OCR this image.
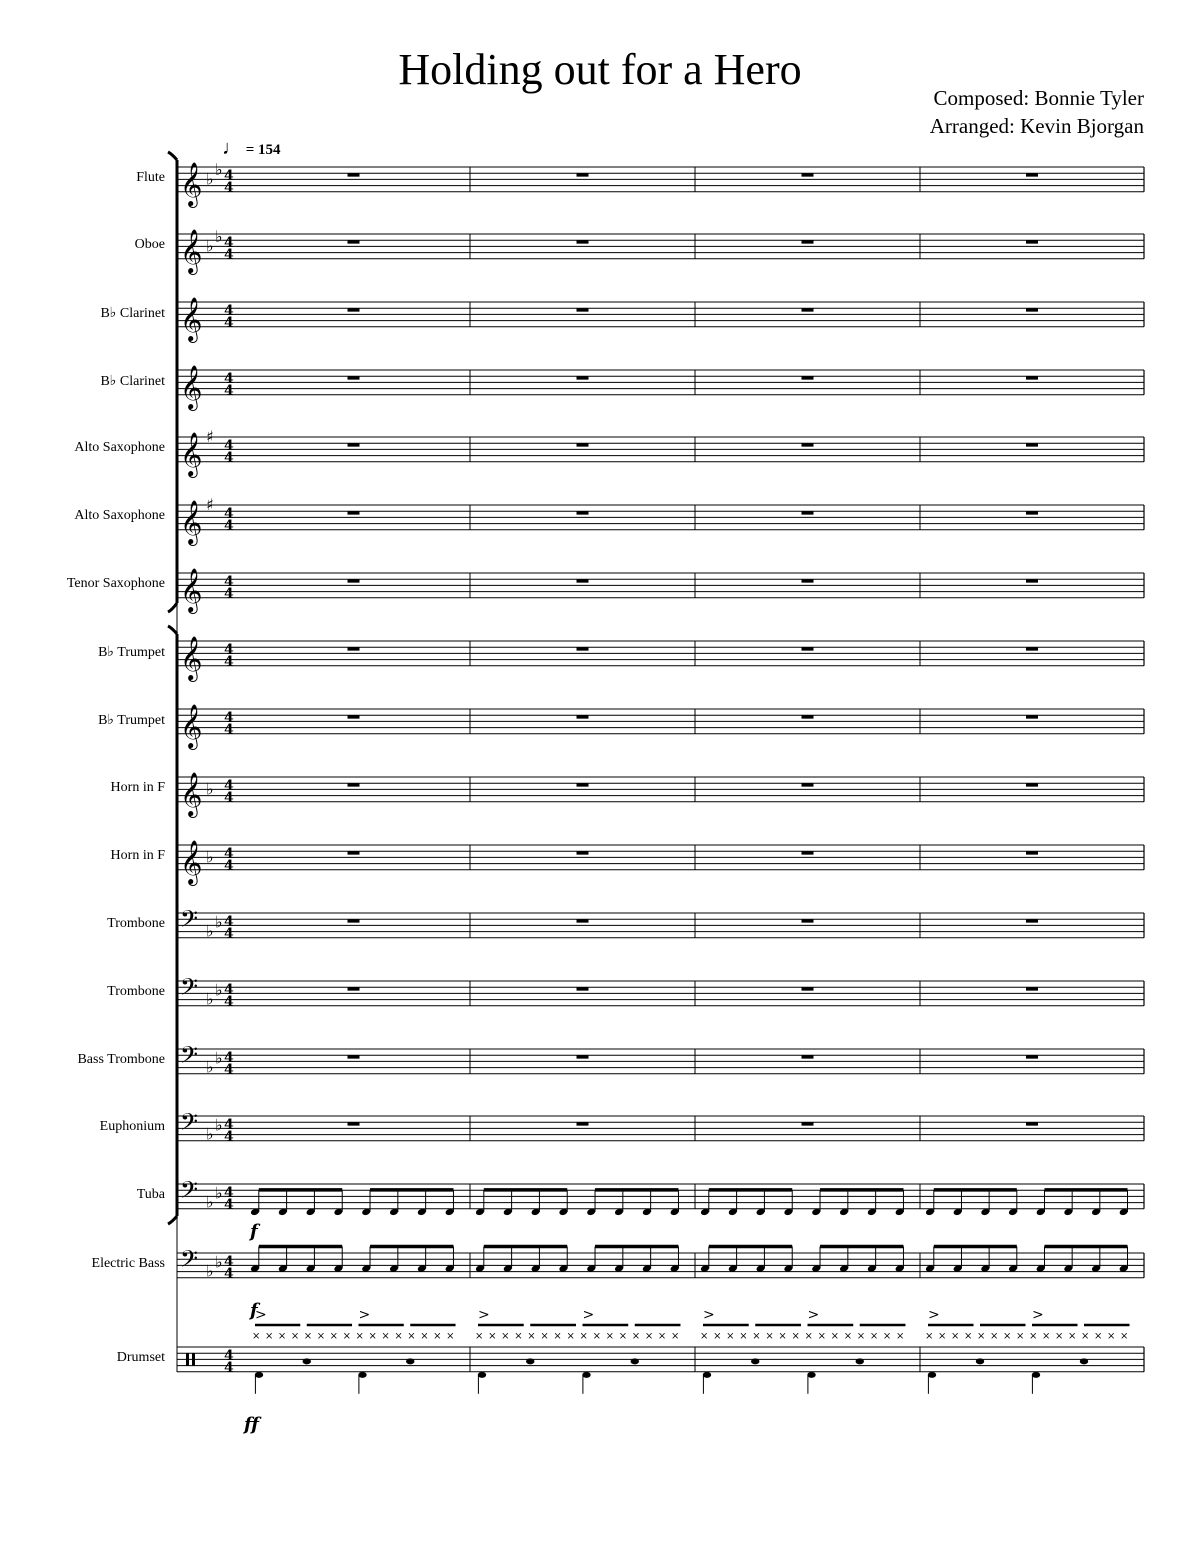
Holding out for a Hero
Composed: Bonnie Tyler
Arranged: Kevin Bjorgan
♩ = 154
Flute
Oboe
B♭ Clarinet
B♭ Clarinet
Alto Saxophone
Alto Saxophone
Tenor Saxophone
B♭ Trumpet
B♭ Trumpet
Horn in F
Horn in F
Trombone
Trombone
Bass Trombone
Euphonium
Tuba
Electric Bass
Drumset
𝄞 ♭ ♭ 4
4
𝄞 ♭ ♭ 4
4
𝄞 4
4
𝄞 4
4
𝄞 ♯ 4
4
𝄞 ♯ 4
4
𝄞 4
4
𝄞 4
4
𝄞 4
4
𝄞 ♭ 4
4
𝄞 ♭ 4
4
𝄢 ♭ ♭ 4
4
𝄢 ♭ ♭ 4
4
𝄢 ♭ ♭ 4
4
𝄢 ♭ ♭ 4
4
𝄢 ♭ ♭ 4
4
f
𝄢 ♭ ♭ 4
4
f
4
4
× × × × × × × × × × × × × × × ×
>	>
× × × × × × × × × × × × × × × ×
>	>
× × × × × × × × × × × × × × × ×
>	>
× × × × × × × × × × × × × × × ×
>	>
ff
